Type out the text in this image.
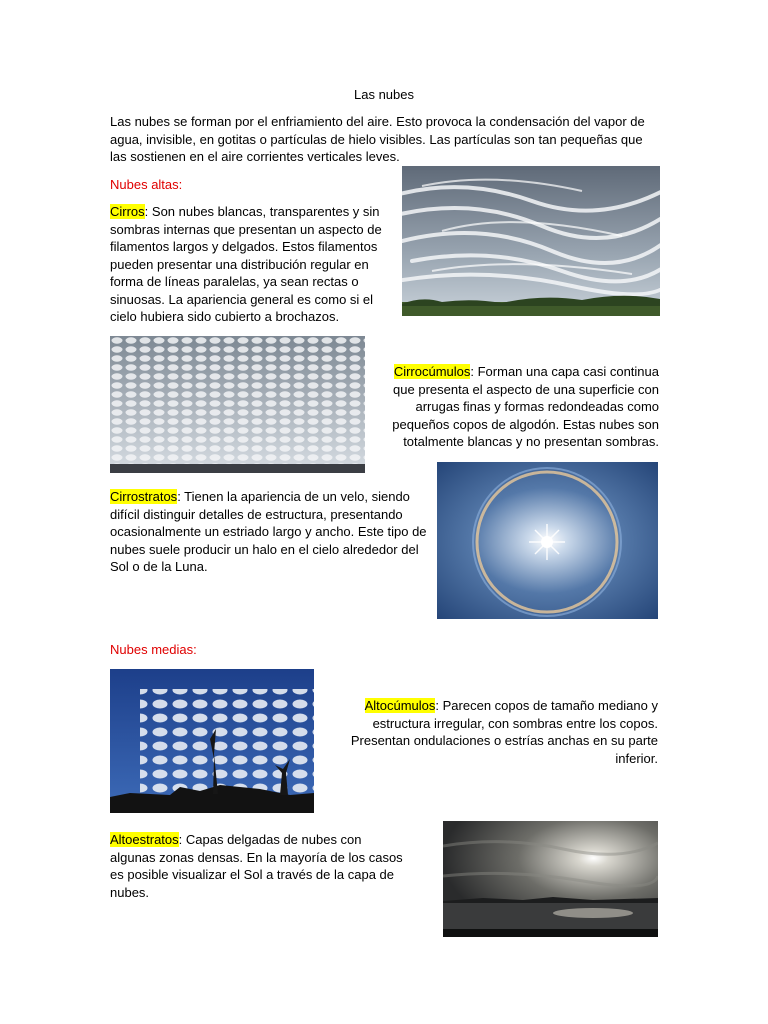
Las nubes
Las nubes se forman por el enfriamiento del aire. Esto provoca la condensación del vapor de agua, invisible, en gotitas o partículas de hielo visibles. Las partículas son tan pequeñas que las sostienen en el aire corrientes verticales leves.
Nubes altas:
Cirros: Son nubes blancas, transparentes y sin sombras internas que presentan un aspecto de filamentos largos y delgados. Estos filamentos pueden presentar una distribución regular en forma de líneas paralelas, ya sean rectas o sinuosas. La apariencia general es como si el cielo hubiera sido cubierto a brochazos.
Cirrocúmulos: Forman una capa casi continua que presenta el aspecto de una superficie con arrugas finas y formas redondeadas como pequeños copos de algodón. Estas nubes son totalmente blancas y no presentan sombras.
Cirrostratos: Tienen la apariencia de un velo, siendo difícil distinguir detalles de estructura, presentando ocasionalmente un estriado largo y ancho. Este tipo de nubes suele producir un halo en el cielo alrededor del Sol o de la Luna.
Nubes medias:
Altocúmulos: Parecen copos de tamaño mediano y estructura irregular, con sombras entre los copos. Presentan ondulaciones o estrías anchas en su parte inferior.
Altoestratos: Capas delgadas de nubes con algunas zonas densas. En la mayoría de los casos es posible visualizar el Sol a través de la capa de nubes.
